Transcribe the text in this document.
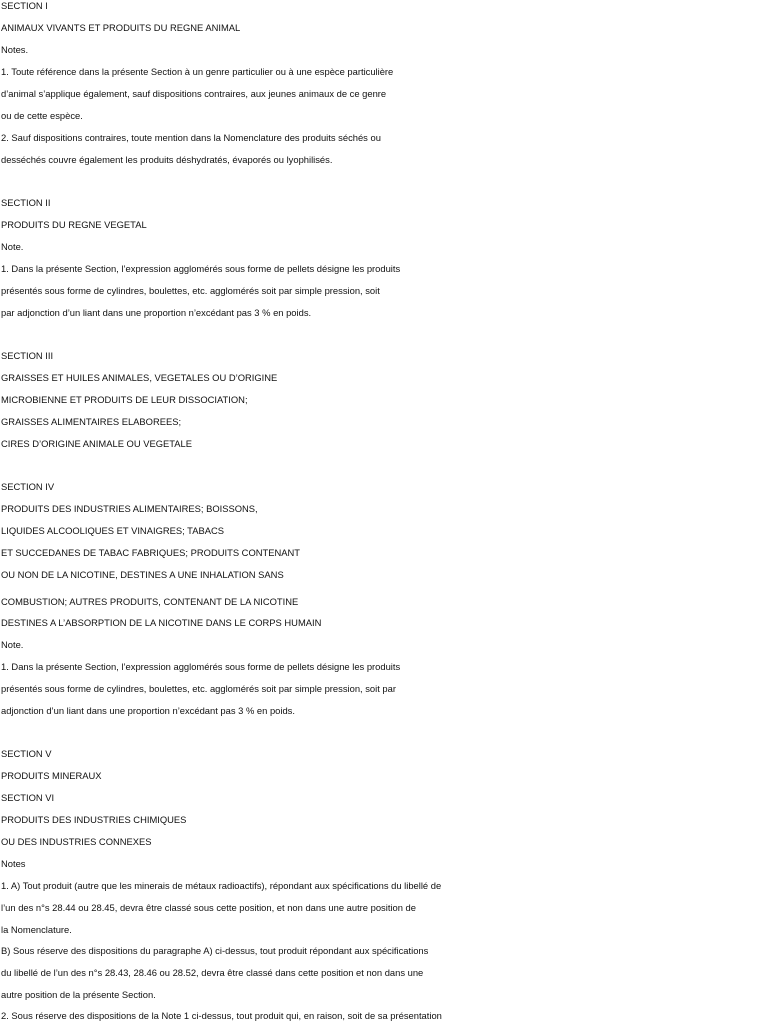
SECTION I

ANIMAUX VIVANTS ET PRODUITS DU REGNE ANIMAL

Notes.

1. Toute référence dans la présente Section à un genre particulier ou à une espèce particulière

d’animal s’applique également, sauf dispositions contraires, aux jeunes animaux de ce genre

ou de cette espèce.

2. Sauf dispositions contraires, toute mention dans la Nomenclature des produits séchés ou

desséchés couvre également les produits déshydratés, évaporés ou lyophilisés.

SECTION II

PRODUITS DU REGNE VEGETAL

Note.

1. Dans la présente Section, l’expression agglomérés sous forme de pellets désigne les produits

présentés sous forme de cylindres, boulettes, etc. agglomérés soit par simple pression, soit

par adjonction d’un liant dans une proportion n’excédant pas 3 % en poids.

SECTION III

GRAISSES ET HUILES ANIMALES, VEGETALES OU D’ORIGINE

MICROBIENNE ET PRODUITS DE LEUR DISSOCIATION;

GRAISSES ALIMENTAIRES ELABOREES;

CIRES D’ORIGINE ANIMALE OU VEGETALE

SECTION IV

PRODUITS DES INDUSTRIES ALIMENTAIRES; BOISSONS,

LIQUIDES ALCOOLIQUES ET VINAIGRES; TABACS

ET SUCCEDANES DE TABAC FABRIQUES; PRODUITS CONTENANT

OU NON DE LA NICOTINE, DESTINES A UNE INHALATION SANS

COMBUSTION; AUTRES PRODUITS, CONTENANT DE LA NICOTINE

DESTINES A L’ABSORPTION DE LA NICOTINE DANS LE CORPS HUMAIN

Note.

1. Dans la présente Section, l’expression agglomérés sous forme de pellets désigne les produits

présentés sous forme de cylindres, boulettes, etc. agglomérés soit par simple pression, soit par

adjonction d’un liant dans une proportion n’excédant pas 3 % en poids.

SECTION V

PRODUITS MINERAUX

SECTION VI

PRODUITS DES INDUSTRIES CHIMIQUES

OU DES INDUSTRIES CONNEXES

Notes

1. A) Tout produit (autre que les minerais de métaux radioactifs), répondant aux spécifications du libellé de

l’un des n°s 28.44 ou 28.45, devra être classé sous cette position, et non dans une autre position de

la Nomenclature.

B) Sous réserve des dispositions du paragraphe A) ci-dessus, tout produit répondant aux spécifications

du libellé de l’un des n°s 28.43, 28.46 ou 28.52, devra être classé dans cette position et non dans une

autre position de la présente Section.

2. Sous réserve des dispositions de la Note 1 ci-dessus, tout produit qui, en raison, soit de sa présentation
